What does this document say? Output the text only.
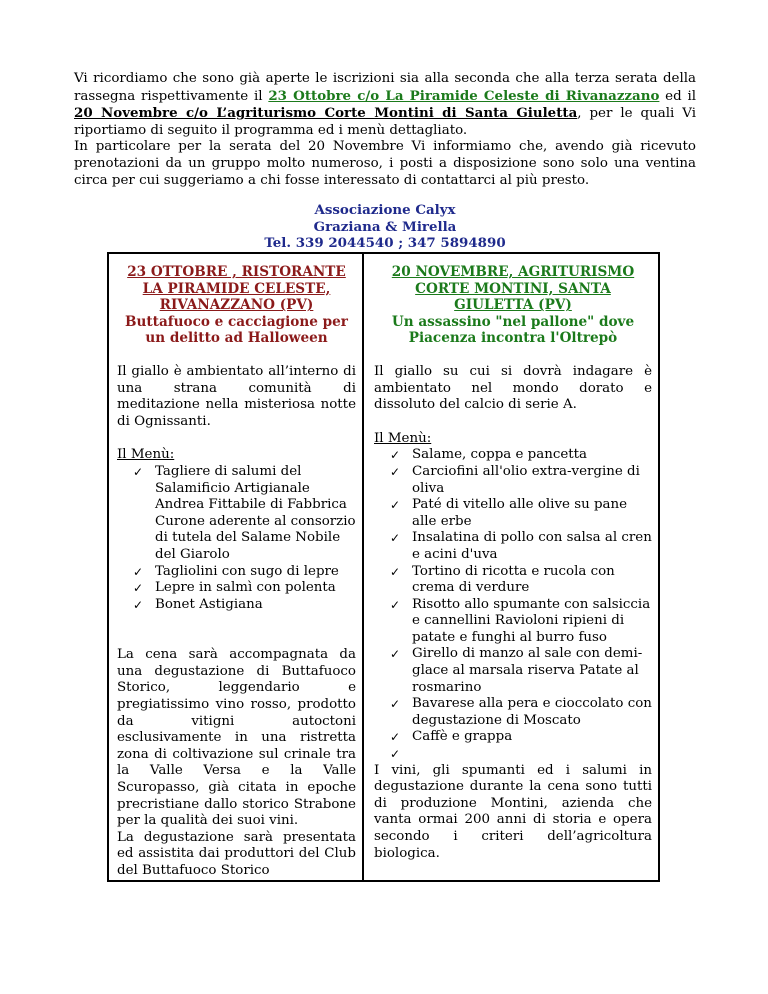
Vi ricordiamo che sono già aperte le iscrizioni sia alla seconda che alla terza serata della rassegna rispettivamente il 23 Ottobre c/o La Piramide Celeste di Rivanazzano ed il 20 Novembre c/o L’agriturismo Corte Montini di Santa Giuletta, per le quali Vi riportiamo di seguito il programma ed i menù dettagliato.

In particolare per la serata del 20 Novembre Vi informiamo che, avendo già ricevuto prenotazioni da un gruppo molto numeroso, i posti a disposizione sono solo una ventina circa per cui suggeriamo a chi fosse interessato di contattarci al più presto.

Associazione Calyx
Graziana & Mirella
Tel. 339 2044540 ; 347 5894890
23 OTTOBRE , RISTORANTE LA PIRAMIDE CELESTE, RIVANAZZANO (PV)
Buttafuoco e cacciagione per un delitto ad Halloween

Il giallo è ambientato all’interno di una strana comunità di meditazione nella misteriosa notte di Ognissanti.

Il Menù:

✓ Tagliere di salumi del Salamificio Artigianale Andrea Fittabile di Fabbrica Curone aderente al consorzio di tutela del Salame Nobile del Giarolo
✓ Tagliolini con sugo di lepre
✓ Lepre in salmì con polenta
✓ Bonet Astigiana

La cena sarà accompagnata da una degustazione di Buttafuoco Storico, leggendario e pregiatissimo vino rosso, prodotto da vitigni autoctoni esclusivamente in una ristretta zona di coltivazione sul crinale tra la Valle Versa e la Valle Scuropasso, già citata in epoche precristiane dallo storico Strabone per la qualità dei suoi vini.

La degustazione sarà presentata ed assistita dai produttori del Club del Buttafuoco Storico

20 NOVEMBRE, AGRITURISMO CORTE MONTINI, SANTA GIULETTA (PV)
Un assassino "nel pallone" dove Piacenza incontra l'Oltrepò

Il giallo su cui si dovrà indagare è ambientato nel mondo dorato e dissoluto del calcio di serie A.

Il Menù:

✓ Salame, coppa e pancetta
✓ Carciofini all'olio extra-vergine di oliva
✓ Paté di vitello alle olive su pane alle erbe
✓ Insalatina di pollo con salsa al cren e acini d'uva
✓ Tortino di ricotta e rucola con crema di verdure
✓ Risotto allo spumante con salsiccia e cannellini Ravioloni ripieni di patate e funghi al burro fuso
✓ Girello di manzo al sale con demi-glace al marsala riserva Patate al rosmarino
✓ Bavarese alla pera e cioccolato con degustazione di Moscato
✓ Caffè e grappa
✓

I vini, gli spumanti ed i salumi in degustazione durante la cena sono tutti di produzione Montini, azienda che vanta ormai 200 anni di storia e opera secondo i criteri dell’agricoltura biologica.
